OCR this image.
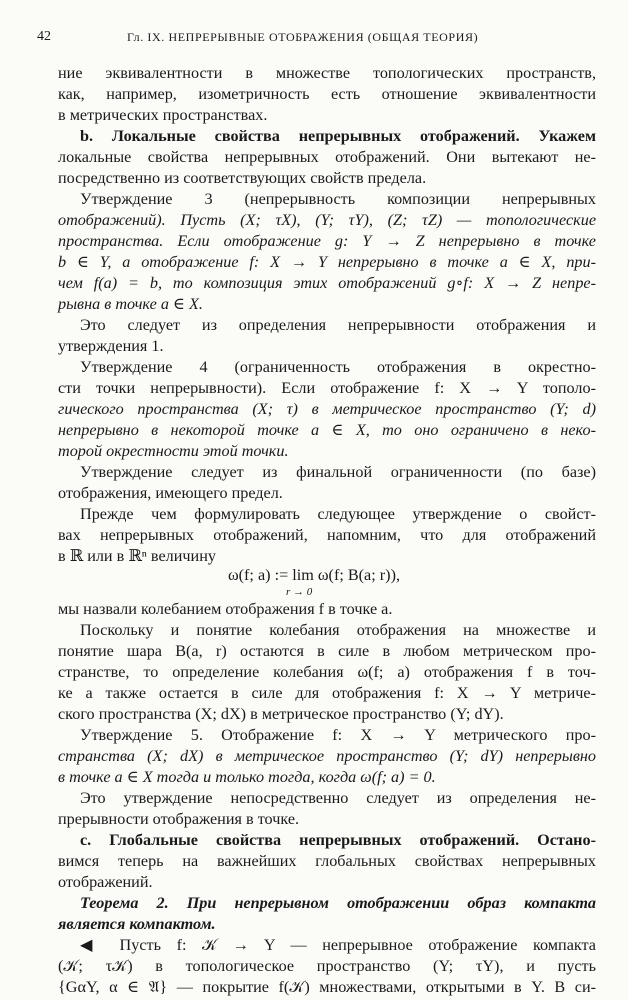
42	Гл. IX. НЕПРЕРЫВНЫЕ ОТОБРАЖЕНИЯ (ОБЩАЯ ТЕОРИЯ)
ние эквивалентности в множестве топологических пространств,
как, например, изометричность есть отношение эквивалентности
в метрических пространствах.
b. Локальные свойства непрерывных отображений. Укажем
локальные свойства непрерывных отображений. Они вытекают не-
посредственно из соответствующих свойств предела.
Утверждение 3 (непрерывность композиции непрерывных
отображений). Пусть (X; τX), (Y; τY), (Z; τZ) — топологические
пространства. Если отображение g: Y → Z непрерывно в точке
b ∈ Y, а отображение f: X → Y непрерывно в точке a ∈ X, при-
чем f(a) = b, то композиция этих отображений g∘f: X → Z непре-
рывна в точке a ∈ X.
Это следует из определения непрерывности отображения и
утверждения 1.
Утверждение 4 (ограниченность отображения в окрестно-
сти точки непрерывности). Если отображение f: X → Y тополо-
гического пространства (X; τ) в метрическое пространство (Y; d)
непрерывно в некоторой точке a ∈ X, то оно ограничено в неко-
торой окрестности этой точки.
Утверждение следует из финальной ограниченности (по базе)
отображения, имеющего предел.
Прежде чем формулировать следующее утверждение о свойст-
вах непрерывных отображений, напомним, что для отображений
в ℝ или в ℝⁿ величину
ω(f; a) := lim ω(f; B(a; r)),
r → 0
мы назвали колебанием отображения f в точке a.
Поскольку и понятие колебания отображения на множестве и
понятие шара B(a, r) остаются в силе в любом метрическом про-
странстве, то определение колебания ω(f; a) отображения f в точ-
ке a также остается в силе для отображения f: X → Y метриче-
ского пространства (X; dX) в метрическое пространство (Y; dY).
Утверждение 5. Отображение f: X → Y метрического про-
странства (X; dX) в метрическое пространство (Y; dY) непрерывно
в точке a ∈ X тогда и только тогда, когда ω(f; a) = 0.
Это утверждение непосредственно следует из определения не-
прерывности отображения в точке.
c. Глобальные свойства непрерывных отображений. Остано-
вимся теперь на важнейших глобальных свойствах непрерывных
отображений.
Теорема 2. При непрерывном отображении образ компакта
является компактом.
◀ Пусть f: 𝒦 → Y — непрерывное отображение компакта
(𝒦; τ𝒦) в топологическое пространство (Y; τY), и пусть
{GαY, α ∈ 𝔄} — покрытие f(𝒦) множествами, открытыми в Y. В си-
